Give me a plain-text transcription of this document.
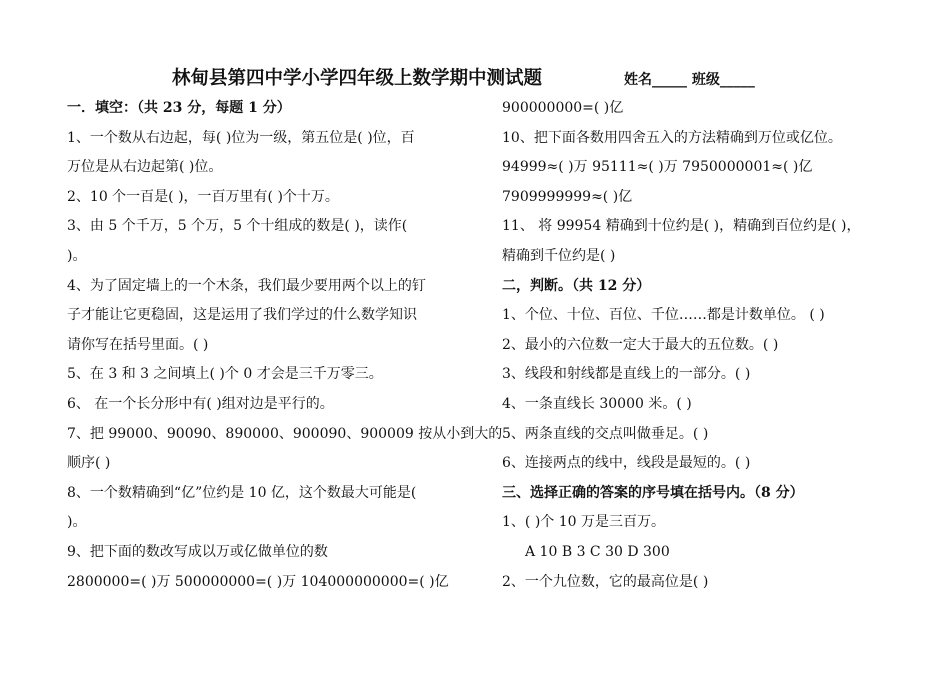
林甸县第四中学小学四年级上数学期中测试题	姓名_____ 班级_____
一．填空：（共 23 分，每题 1 分）
1、一个数从右边起，每( )位为一级，第五位是( )位，百
万位是从右边起第( )位。
2、10 个一百是( )，一百万里有( )个十万。
3、由 5 个千万，5 个万，5 个十组成的数是( )，读作(
)。
4、为了固定墙上的一个木条，我们最少要用两个以上的钉
子才能让它更稳固，这是运用了我们学过的什么数学知识
请你写在括号里面。( )
5、在 3 和 3 之间填上( )个 0 才会是三千万零三。
6、 在一个长分形中有( )组对边是平行的。
7、把 99000、90090、890000、900090、900009 按从小到大的
顺序( )
8、一个数精确到“亿”位约是 10 亿，这个数最大可能是(
)。
9、把下面的数改写成以万或亿做单位的数
2800000=( )万 500000000=( )万 104000000000=( )亿
900000000=( )亿
10、把下面各数用四舍五入的方法精确到万位或亿位。
94999≈( )万 95111≈( )万 7950000001≈( )亿
7909999999≈( )亿
11、 将 99954 精确到十位约是( )，精确到百位约是( )，
精确到千位约是( )
二，判断。（共 12 分）
1、个位、十位、百位、千位……都是计数单位。 ( )
2、最小的六位数一定大于最大的五位数。( )
3、线段和射线都是直线上的一部分。( )
4、一条直线长 30000 米。( )
5、两条直线的交点叫做垂足。( )
6、连接两点的线中，线段是最短的。( )
三、选择正确的答案的序号填在括号内。（8 分）
1、( )个 10 万是三百万。
A 10 B 3 C 30 D 300
2、一个九位数，它的最高位是( )
